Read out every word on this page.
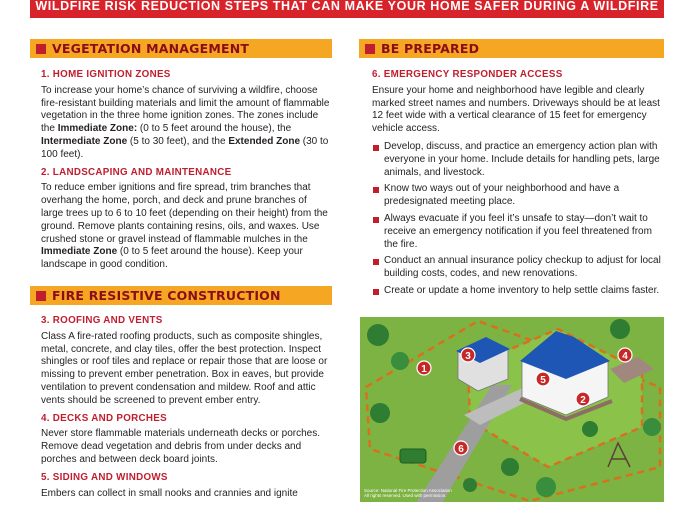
WILDFIRE RISK REDUCTION STEPS THAT CAN MAKE YOUR HOME SAFER DURING A WILDFIRE
VEGETATION MANAGEMENT
1. HOME IGNITION ZONES
To increase your home’s chance of surviving a wildfire, choose fire-resistant building materials and limit the amount of flammable vegetation in the three home ignition zones. The zones include the Immediate Zone: (0 to 5 feet around the house), the Intermediate Zone (5 to 30 feet), and the Extended Zone (30 to 100 feet).
2. LANDSCAPING AND MAINTENANCE
To reduce ember ignitions and fire spread, trim branches that overhang the home, porch, and deck and prune branches of large trees up to 6 to 10 feet (depending on their height) from the ground. Remove plants containing resins, oils, and waxes. Use crushed stone or gravel instead of flammable mulches in the Immediate Zone (0 to 5 feet around the house). Keep your landscape in good condition.
FIRE RESISTIVE CONSTRUCTION
3. ROOFING AND VENTS
Class A fire-rated roofing products, such as composite shingles, metal, concrete, and clay tiles, offer the best protection. Inspect shingles or roof tiles and replace or repair those that are loose or missing to prevent ember penetration. Box in eaves, but provide ventilation to prevent condensation and mildew. Roof and attic vents should be screened to prevent ember entry.
4. DECKS AND PORCHES
Never store flammable materials underneath decks or porches. Remove dead vegetation and debris from under decks and porches and between deck board joints.
5. SIDING AND WINDOWS
Embers can collect in small nooks and crannies and ignite
BE PREPARED
6. EMERGENCY RESPONDER ACCESS
Ensure your home and neighborhood have legible and clearly marked street names and numbers. Driveways should be at least 12 feet wide with a vertical clearance of 15 feet for emergency vehicle access.
Develop, discuss, and practice an emergency action plan with everyone in your home. Include details for handling pets, large animals, and livestock.
Know two ways out of your neighborhood and have a predesignated meeting place.
Always evacuate if you feel it’s unsafe to stay—don’t wait to receive an emergency notification if you feel threatened from the fire.
Conduct an annual insurance policy checkup to adjust for local building costs, codes, and new renovations.
Create or update a home inventory to help settle claims faster.
1
2
3	4
5
6
Source: National Fire Protection Association
All rights reserved. Used with permission.
